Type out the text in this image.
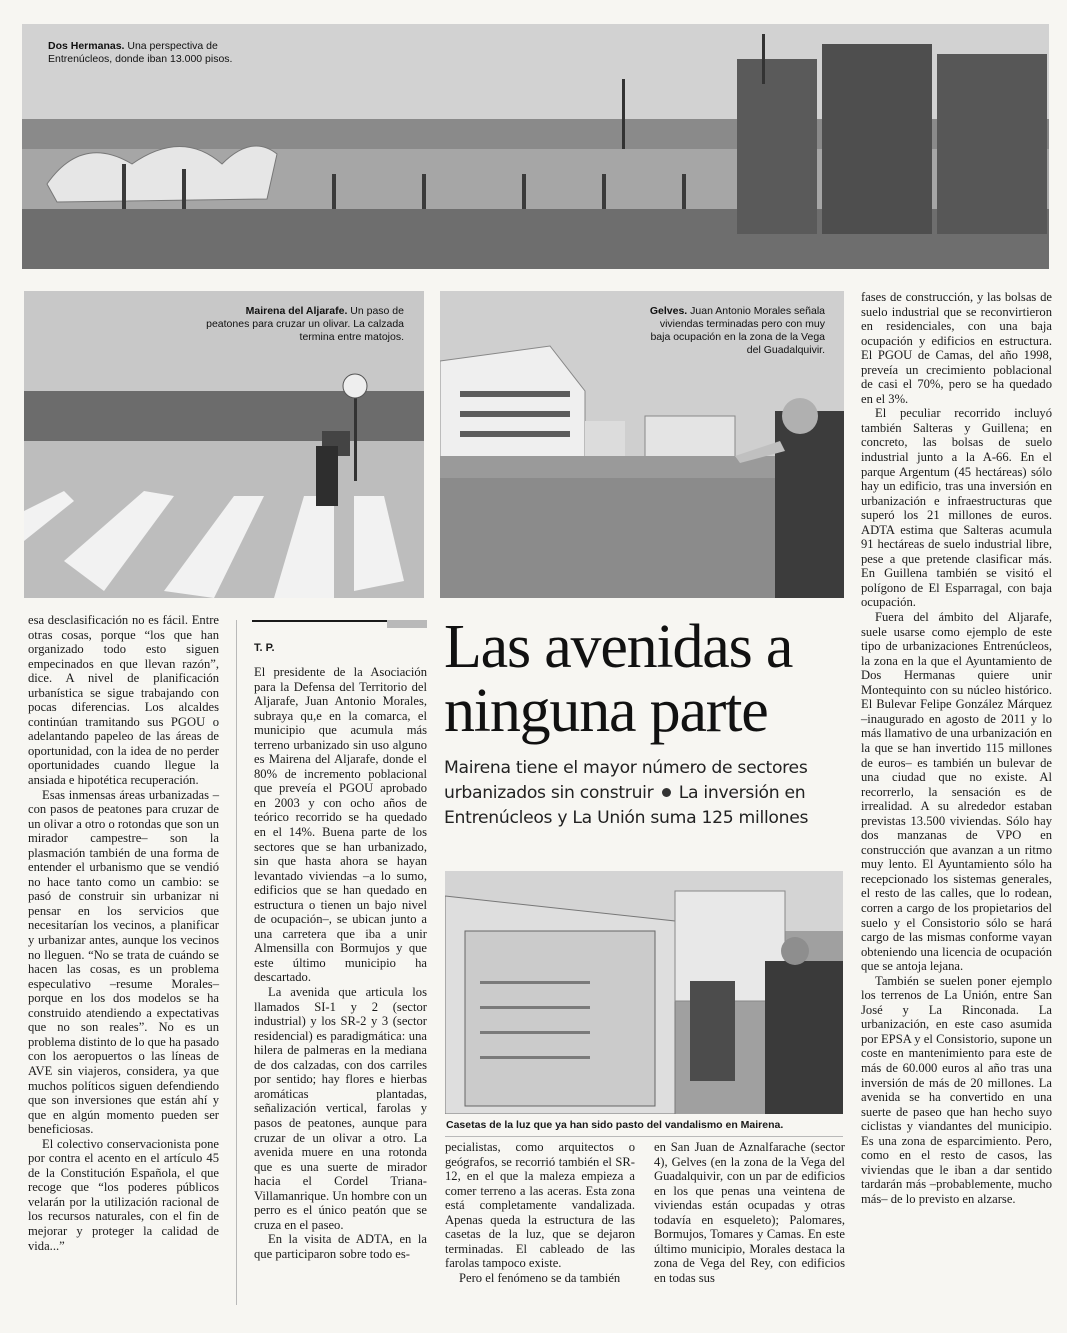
Dos Hermanas. Una perspectiva de Entrenúcleos, donde iban 13.000 pisos.
Mairena del Aljarafe. Un paso de peatones para cruzar un olivar. La calzada termina entre matojos.
Gelves. Juan Antonio Morales señala viviendas terminadas pero con muy baja ocupación en la zona de la Vega del Guadalquivir.

esa desclasificación no es fácil. Entre otras cosas, porque “los que han organizado todo esto siguen empecinados en que llevan razón”, dice. A nivel de planificación urbanística se sigue trabajando con pocas diferencias. Los alcaldes continúan tramitando sus PGOU o adelantando papeleo de las áreas de oportunidad, con la idea de no perder oportunidades cuando llegue la ansiada e hipotética recuperación.

Esas inmensas áreas urbanizadas –con pasos de peatones para cruzar de un olivar a otro o rotondas que son un mirador campestre– son la plasmación también de una forma de entender el urbanismo que se vendió no hace tanto como un cambio: se pasó de construir sin urbanizar ni pensar en los servicios que necesitarían los vecinos, a planificar y urbanizar antes, aunque los vecinos no lleguen. “No se trata de cuándo se hacen las cosas, es un problema especulativo –resume Morales– porque en los dos modelos se ha construido atendiendo a expectativas que no son reales”. No es un problema distinto de lo que ha pasado con los aeropuertos o las líneas de AVE sin viajeros, considera, ya que muchos políticos siguen defendiendo que son inversiones que están ahí y que en algún momento pueden ser beneficiosas.

El colectivo conservacionista pone por contra el acento en el artículo 45 de la Constitución Española, el que recoge que “los poderes públicos velarán por la utilización racional de los recursos naturales, con el fin de mejorar y proteger la calidad de vida...”

T. P.

El presidente de la Asociación para la Defensa del Territorio del Aljarafe, Juan Antonio Morales, subraya qu,e en la comarca, el municipio que acumula más terreno urbanizado sin uso alguno es Mairena del Aljarafe, donde el 80% de incremento poblacional que preveía el PGOU aprobado en 2003 y con ocho años de teórico recorrido se ha quedado en el 14%. Buena parte de los sectores que se han urbanizado, sin que hasta ahora se hayan levantado viviendas –a lo sumo, edificios que se han quedado en estructura o tienen un bajo nivel de ocupación–, se ubican junto a una carretera que iba a unir Almensilla con Bormujos y que este último municipio ha descartado.

La avenida que articula los llamados SI-1 y 2 (sector industrial) y los SR-2 y 3 (sector residencial) es paradigmática: una hilera de palmeras en la mediana de dos calzadas, con dos carriles por sentido; hay flores e hierbas aromáticas plantadas, señalización vertical, farolas y pasos de peatones, aunque para cruzar de un olivar a otro. La avenida muere en una rotonda que es una suerte de mirador hacia el Cordel Triana-Villamanrique. Un hombre con un perro es el único peatón que se cruza en el paseo.

En la visita de ADTA, en la que participaron sobre todo es-

Las avenidas a
ninguna parte
Mairena tiene el mayor número de sectores urbanizados sin construir La inversión en Entrenúcleos y La Unión suma 125 millones
Casetas de la luz que ya han sido pasto del vandalismo en Mairena.

pecialistas, como arquitectos o geógrafos, se recorrió también el SR-12, en el que la maleza empieza a comer terreno a las aceras. Esta zona está completamente vandalizada. Apenas queda la estructura de las casetas de la luz, que se dejaron terminadas. El cableado de las farolas tampoco existe.

Pero el fenómeno se da también

en San Juan de Aznalfarache (sector 4), Gelves (en la zona de la Vega del Guadalquivir, con un par de edificios en los que penas una veintena de viviendas están ocupadas y otras todavía en esqueleto); Palomares, Bormujos, Tomares y Camas. En este último municipio, Morales destaca la zona de Vega del Rey, con edificios en todas sus

fases de construcción, y las bolsas de suelo industrial que se reconvirtieron en residenciales, con una baja ocupación y edificios en estructura. El PGOU de Camas, del año 1998, preveía un crecimiento poblacional de casi el 70%, pero se ha quedado en el 3%.

El peculiar recorrido incluyó también Salteras y Guillena; en concreto, las bolsas de suelo industrial junto a la A-66. En el parque Argentum (45 hectáreas) sólo hay un edificio, tras una inversión en urbanización e infraestructuras que superó los 21 millones de euros. ADTA estima que Salteras acumula 91 hectáreas de suelo industrial libre, pese a que pretende clasificar más. En Guillena también se visitó el polígono de El Esparragal, con baja ocupación.

Fuera del ámbito del Aljarafe, suele usarse como ejemplo de este tipo de urbanizaciones Entrenúcleos, la zona en la que el Ayuntamiento de Dos Hermanas quiere unir Montequinto con su núcleo histórico. El Bulevar Felipe González Márquez –inaugurado en agosto de 2011 y lo más llamativo de una urbanización en la que se han invertido 115 millones de euros– es también un bulevar de una ciudad que no existe. Al recorrerlo, la sensación es de irrealidad. A su alrededor estaban previstas 13.500 viviendas. Sólo hay dos manzanas de VPO en construcción que avanzan a un ritmo muy lento. El Ayuntamiento sólo ha recepcionado los sistemas generales, el resto de las calles, que lo rodean, corren a cargo de los propietarios del suelo y el Consistorio sólo se hará cargo de las mismas conforme vayan obteniendo una licencia de ocupación que se antoja lejana.

También se suelen poner ejemplo los terrenos de La Unión, entre San José y La Rinconada. La urbanización, en este caso asumida por EPSA y el Consistorio, supone un coste en mantenimiento para este de más de 60.000 euros al año tras una inversión de más de 20 millones. La avenida se ha convertido en una suerte de paseo que han hecho suyo ciclistas y viandantes del municipio. Es una zona de esparcimiento. Pero, como en el resto de casos, las viviendas que le iban a dar sentido tardarán más –probablemente, mucho más– de lo previsto en alzarse.
